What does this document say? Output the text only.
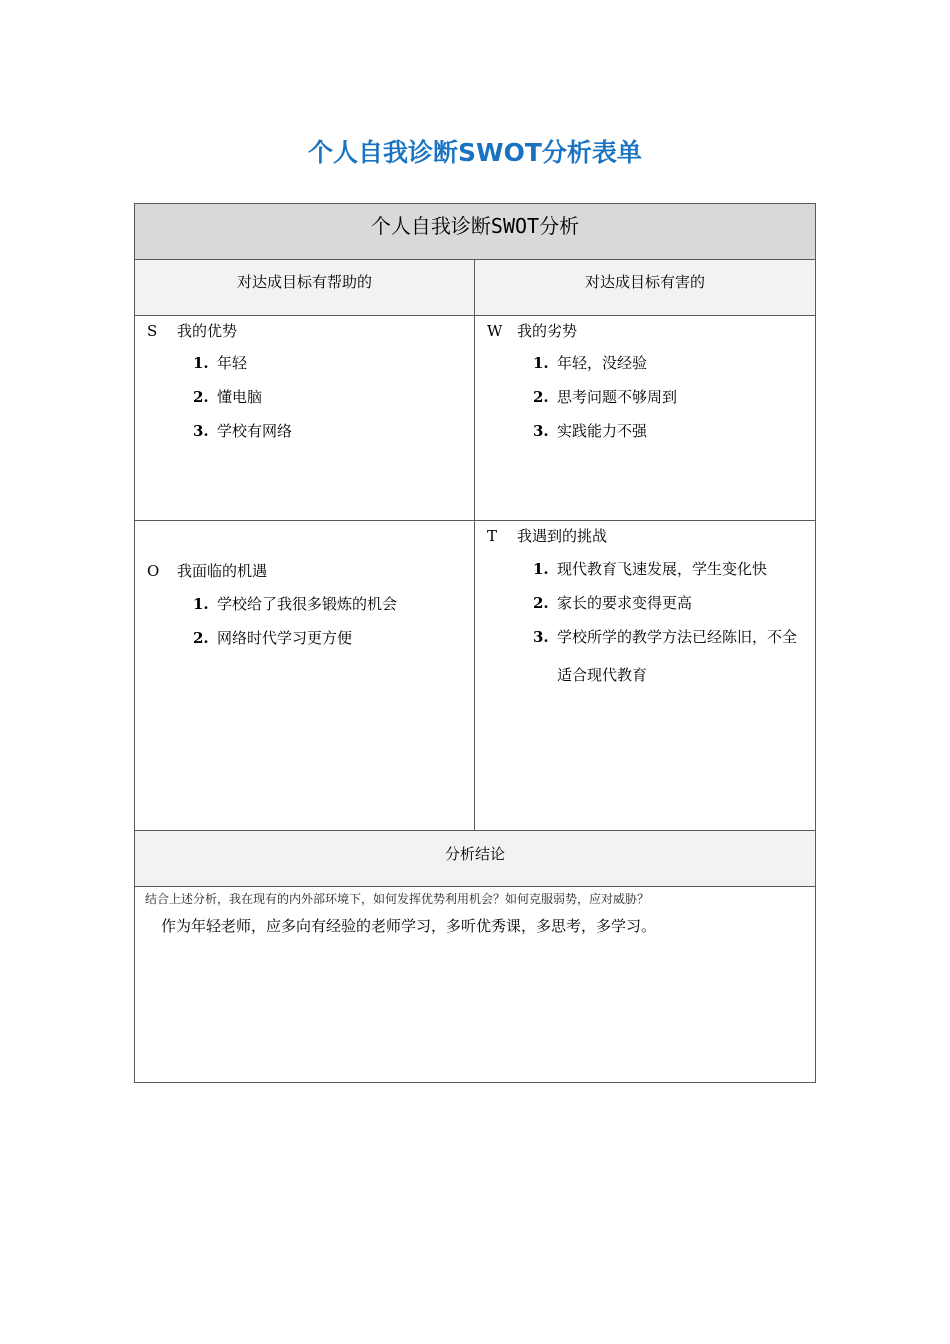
个人自我诊断SWOT分析表单
个人自我诊断SWOT分析
对达成目标有帮助的	对达成目标有害的
S 我的优势
1. 年轻
2. 懂电脑
3. 学校有网络
W 我的劣势
1. 年轻，没经验
2. 思考问题不够周到
3. 实践能力不强
O 我面临的机遇
1. 学校给了我很多锻炼的机会
2. 网络时代学习更方便
T 我遇到的挑战
1. 现代教育飞速发展，学生变化快
2. 家长的要求变得更高
3. 学校所学的教学方法已经陈旧，不全适合现代教育
分析结论
结合上述分析，我在现有的内外部环境下，如何发挥优势利用机会？如何克服弱势，应对威胁？
作为年轻老师，应多向有经验的老师学习，多听优秀课，多思考，多学习。
